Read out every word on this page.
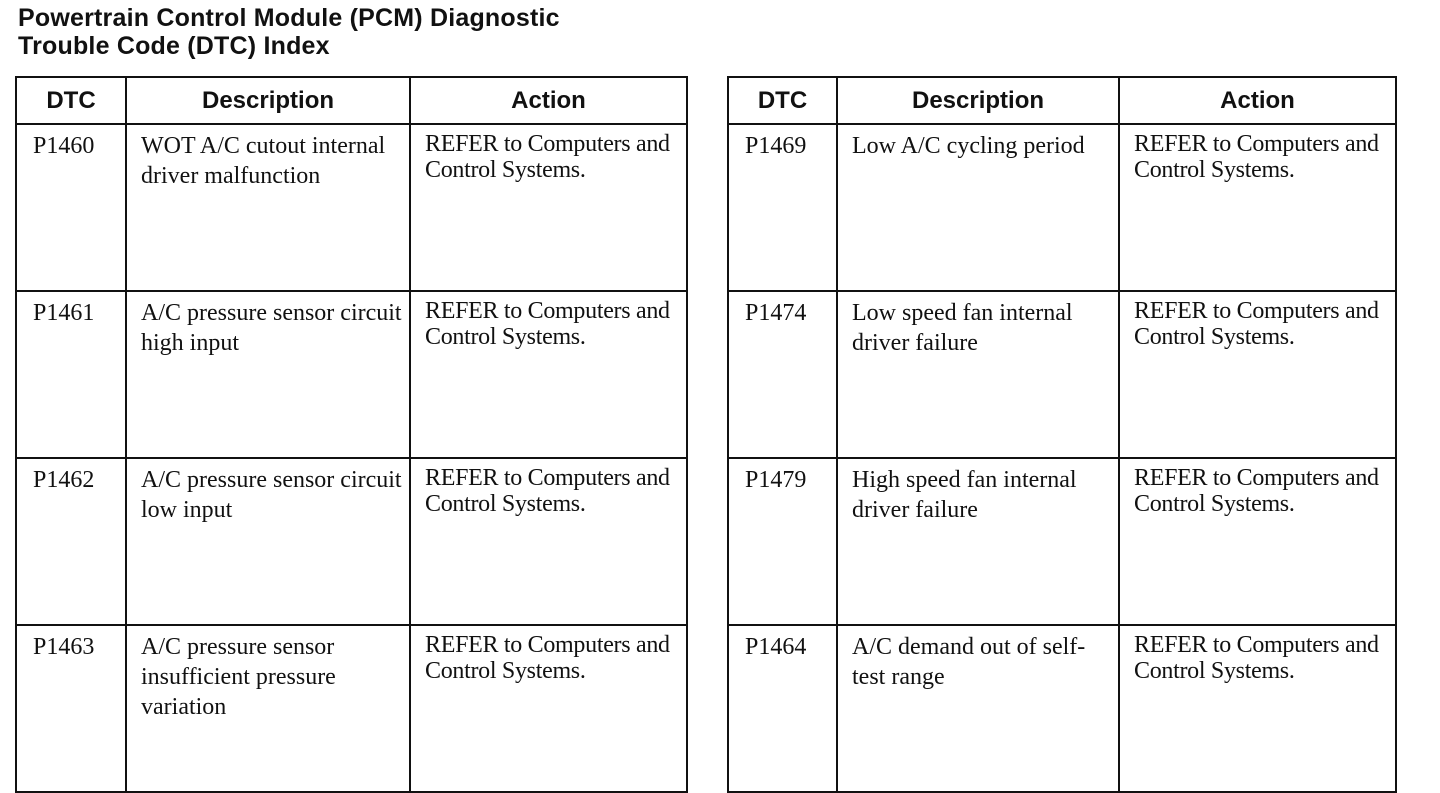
Powertrain Control Module (PCM) Diagnostic
Trouble Code (DTC) Index
DTC	Description	Action
P1460	WOT A/C cutout internal driver malfunction	REFER to Computers and Control Systems.
P1461	A/C pressure sensor circuit high input	REFER to Computers and Control Systems.
P1462	A/C pressure sensor circuit low input	REFER to Computers and Control Systems.
P1463	A/C pressure sensor insufficient pressure variation	REFER to Computers and Control Systems.
DTC	Description	Action
P1469	Low A/C cycling period	REFER to Computers and Control Systems.
P1474	Low speed fan internal driver failure	REFER to Computers and Control Systems.
P1479	High speed fan internal driver failure	REFER to Computers and Control Systems.
P1464	A/C demand out of self-test range	REFER to Computers and Control Systems.
